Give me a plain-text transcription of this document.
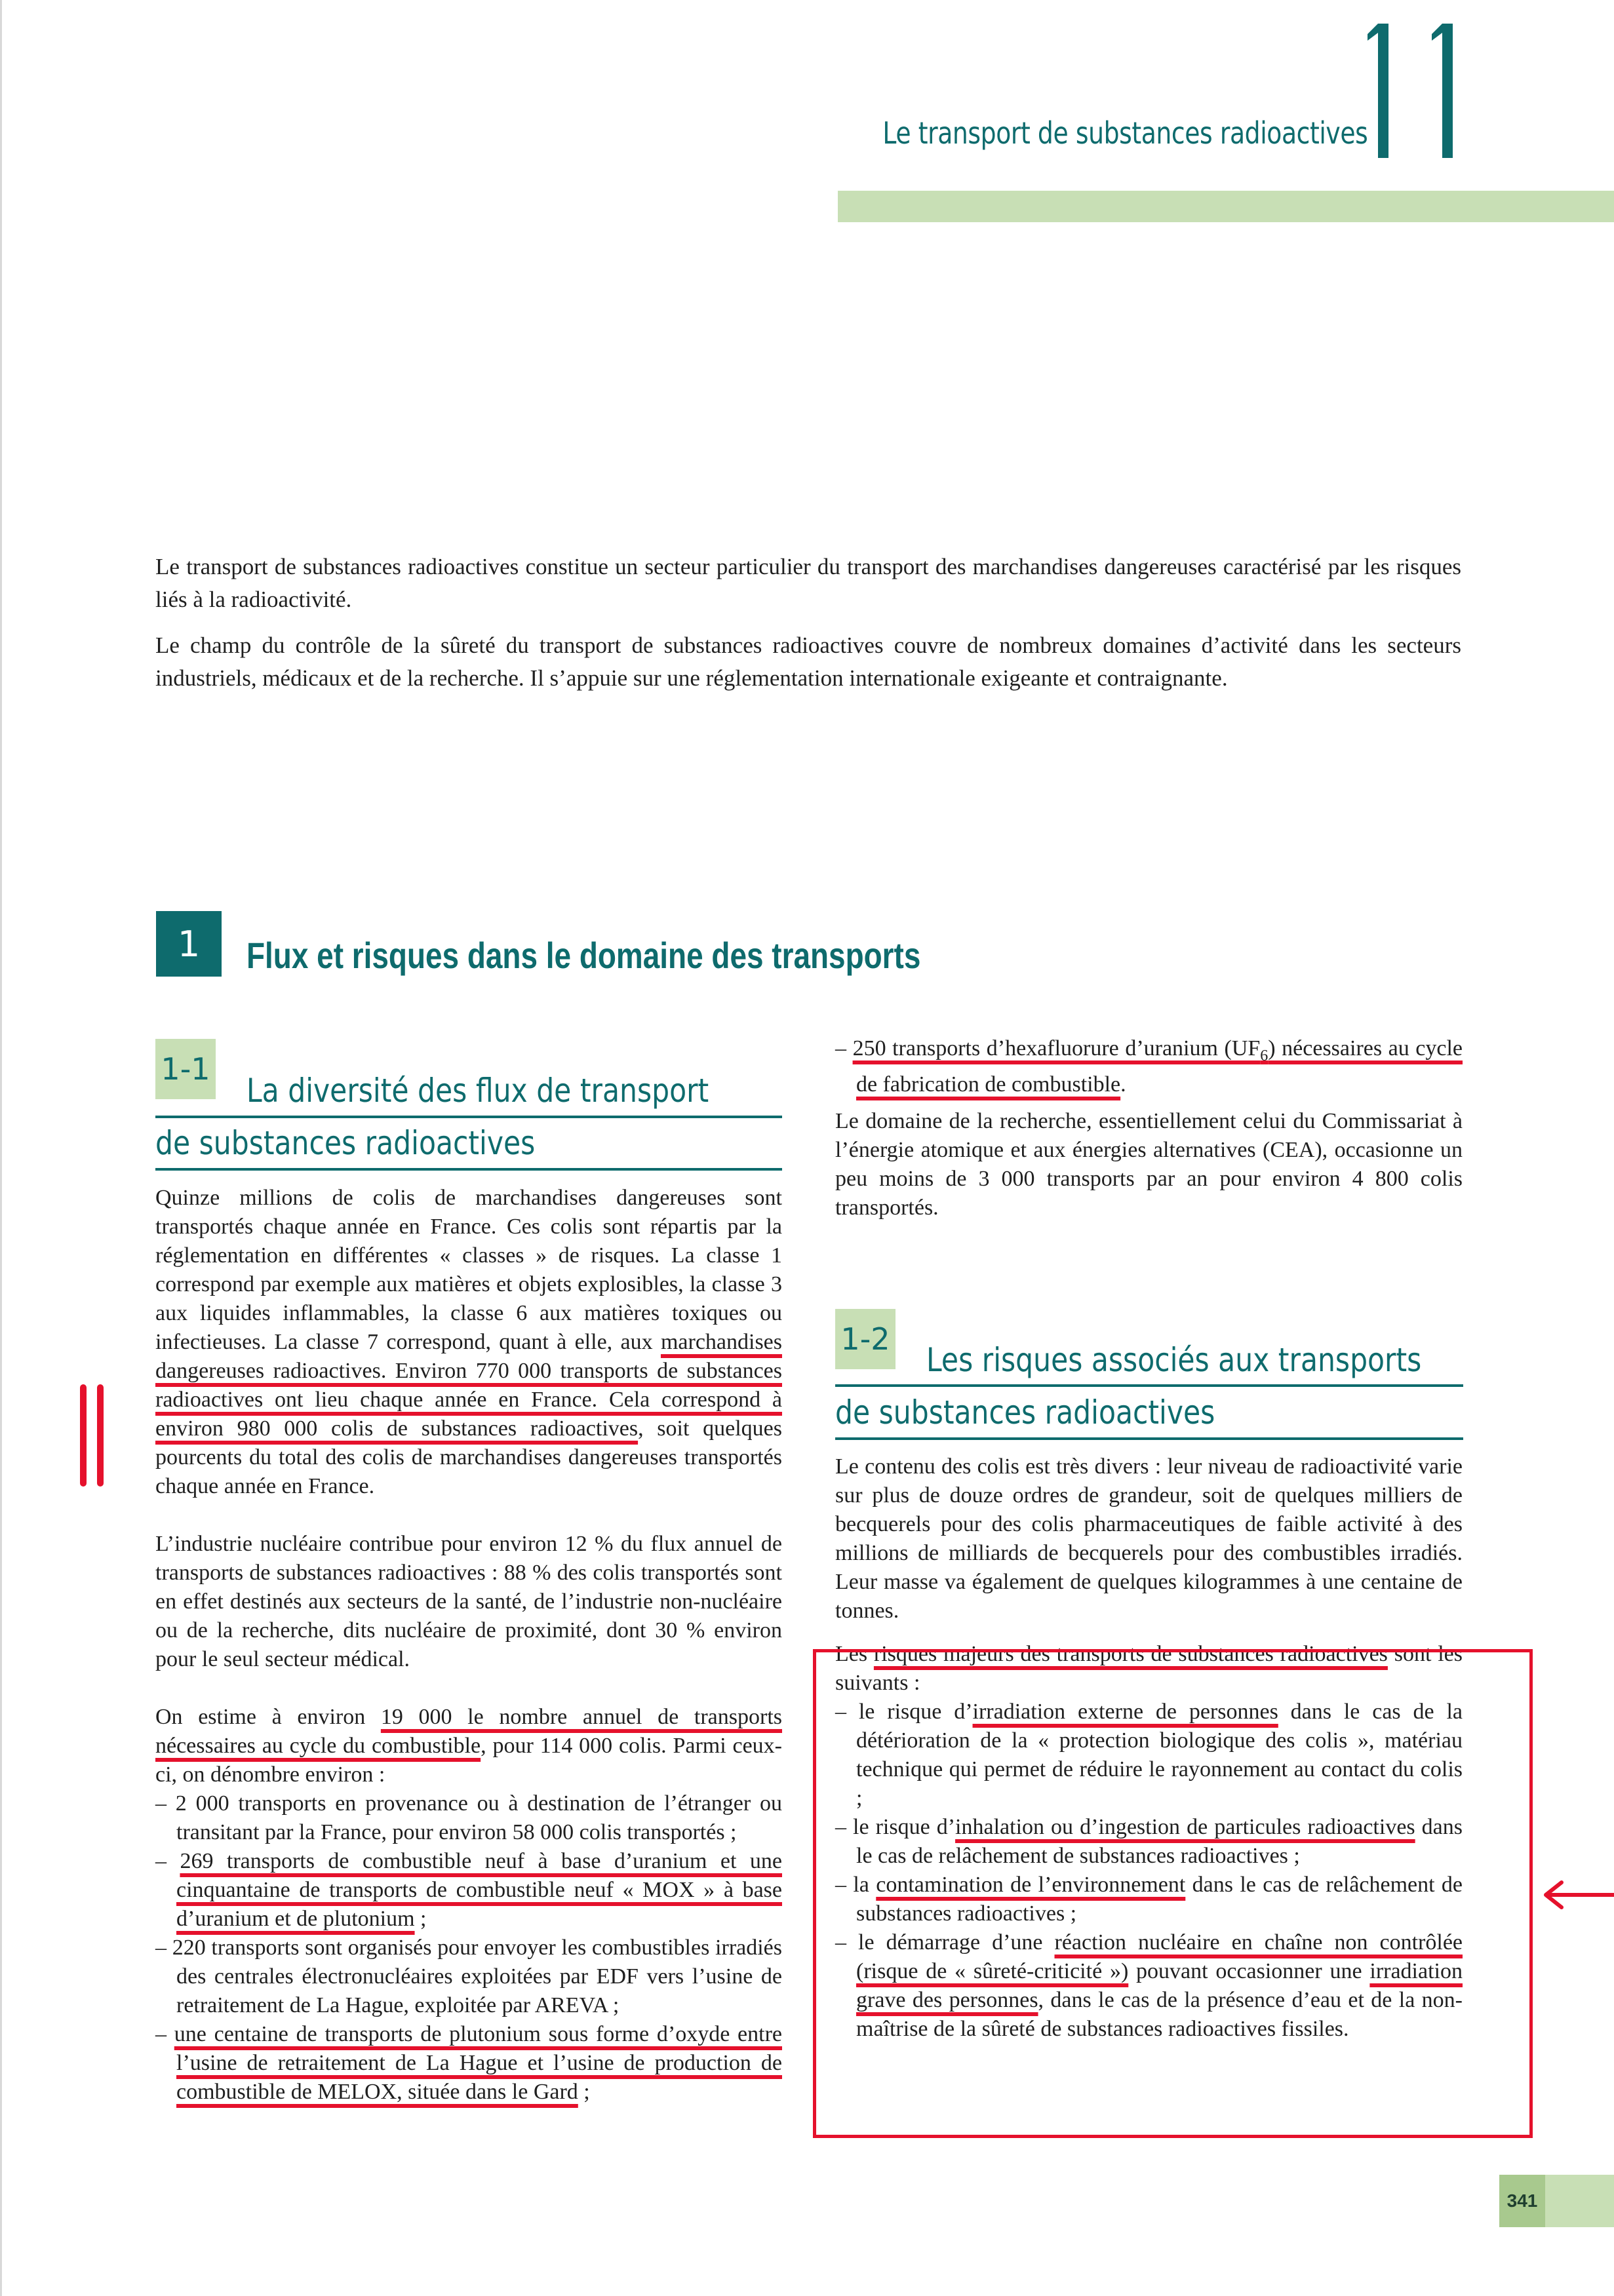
Le transport de substances radioactives

Le transport de substances radioactives constitue un secteur particulier du transport des marchandises dangereuses caractérisé par les risques liés à la radioactivité.

Le champ du contrôle de la sûreté du transport de substances radioactives couvre de nombreux domaines d’activité dans les secteurs industriels, médicaux et de la recherche. Il s’appuie sur une réglementation internationale exigeante et contraignante.

1	Flux et risques dans le domaine des transports
1-1
La diversité des flux de transport
de substances radioactives

Quinze millions de colis de marchandises dangereuses sont transportés chaque année en France. Ces colis sont répartis par la réglementation en différentes « classes » de risques. La classe 1 correspond par exemple aux matières et objets explosibles, la classe 3 aux liquides inflammables, la classe 6 aux matières toxiques ou infectieuses. La classe 7 correspond, quant à elle, aux marchandises dangereuses radioactives. Environ 770 000 transports de substances radioactives ont lieu chaque année en France. Cela correspond à environ 980 000 colis de substances radioactives, soit quelques pourcents du total des colis de marchandises dangereuses transportés chaque année en France.

L’industrie nucléaire contribue pour environ 12 % du flux annuel de transports de substances radioactives : 88 % des colis transportés sont en effet destinés aux secteurs de la santé, de l’industrie non-nucléaire ou de la recherche, dits nucléaire de proximité, dont 30 % environ pour le seul secteur médical.

On estime à environ 19 000 le nombre annuel de transports nécessaires au cycle du combustible, pour 114 000 colis. Parmi ceux-ci, on dénombre environ :

– 2 000 transports en provenance ou à destination de l’étranger ou transitant par la France, pour environ 58 000 colis transportés ;

– 269 transports de combustible neuf à base d’uranium et une cinquantaine de transports de combustible neuf « MOX » à base d’uranium et de plutonium ;

– 220 transports sont organisés pour envoyer les combustibles irradiés des centrales électronucléaires exploitées par EDF vers l’usine de retraitement de La Hague, exploitée par AREVA ;

– une centaine de transports de plutonium sous forme d’oxyde entre l’usine de retraitement de La Hague et l’usine de production de combustible de MELOX, située dans le Gard ;

– 250 transports d’hexafluorure d’uranium $(UF_6)$ nécessaires au cycle de fabrication de combustible.

Le domaine de la recherche, essentiellement celui du Commissariat à l’énergie atomique et aux énergies alternatives (CEA), occasionne un peu moins de 3 000 transports par an pour environ 4 800 colis transportés.

1-2
Les risques associés aux transports
de substances radioactives

Le contenu des colis est très divers : leur niveau de radioactivité varie sur plus de douze ordres de grandeur, soit de quelques milliers de becquerels pour des colis pharmaceutiques de faible activité à des millions de milliards de becquerels pour des combustibles irradiés. Leur masse va également de quelques kilogrammes à une centaine de tonnes.

Les risques majeurs des transports de substances radioactives sont les suivants :

– le risque d’irradiation externe de personnes dans le cas de la détérioration de la « protection biologique des colis », matériau technique qui permet de réduire le rayonnement au contact du colis ;

– le risque d’inhalation ou d’ingestion de particules radioactives dans le cas de relâchement de substances radioactives ;

– la contamination de l’environnement dans le cas de relâchement de substances radioactives ;

– le démarrage d’une réaction nucléaire en chaîne non contrôlée (risque de « sûreté-criticité ») pouvant occasionner une irradiation grave des personnes, dans le cas de la présence d’eau et de la non-maîtrise de la sûreté de substances radioactives fissiles.

341
